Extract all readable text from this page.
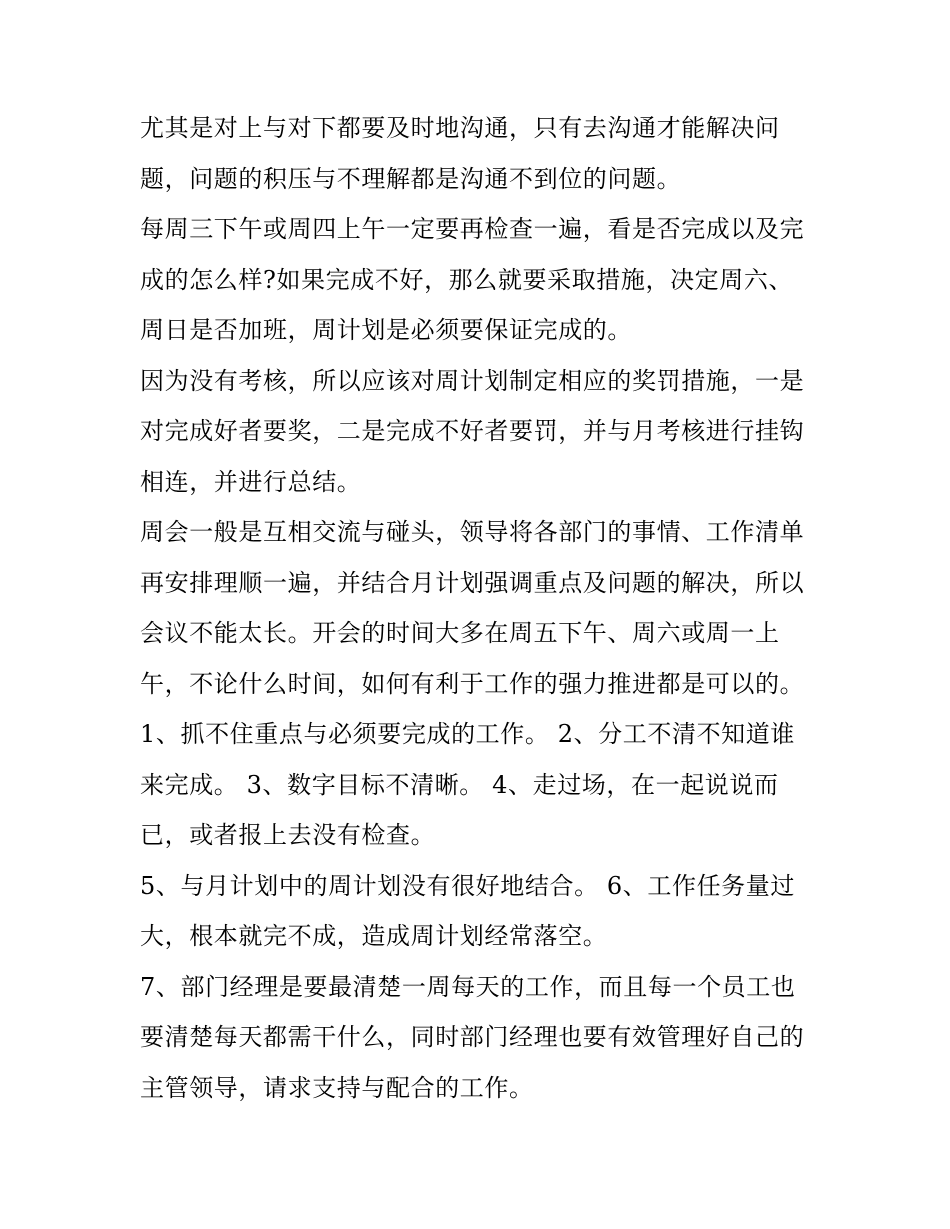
尤其是对上与对下都要及时地沟通，只有去沟通才能解决问
题，问题的积压与不理解都是沟通不到位的问题。
每周三下午或周四上午一定要再检查一遍，看是否完成以及完
成的怎么样?如果完成不好，那么就要采取措施，决定周六、
周日是否加班，周计划是必须要保证完成的。
因为没有考核，所以应该对周计划制定相应的奖罚措施，一是
对完成好者要奖，二是完成不好者要罚，并与月考核进行挂钩
相连，并进行总结。
周会一般是互相交流与碰头，领导将各部门的事情、工作清单
再安排理顺一遍，并结合月计划强调重点及问题的解决，所以
会议不能太长。开会的时间大多在周五下午、周六或周一上
午，不论什么时间，如何有利于工作的强力推进都是可以的。
1、抓不住重点与必须要完成的工作。 2、分工不清不知道谁
来完成。 3、数字目标不清晰。 4、走过场，在一起说说而
已，或者报上去没有检查。
5、与月计划中的周计划没有很好地结合。 6、工作任务量过
大，根本就完不成，造成周计划经常落空。
7、部门经理是要最清楚一周每天的工作，而且每一个员工也
要清楚每天都需干什么，同时部门经理也要有效管理好自己的
主管领导，请求支持与配合的工作。
